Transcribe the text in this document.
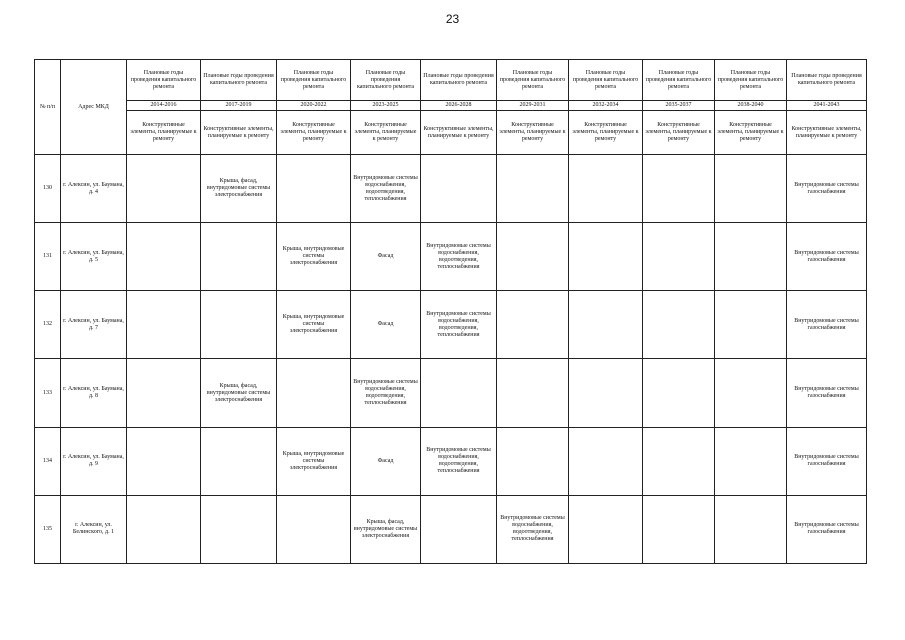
23
№ п/п	Адрес МКД	Плановые годы проведения капитального ремонта	Плановые годы проведения капитального ремонта	Плановые годы проведения капитального ремонта	Плановые годы проведения капитального ремонта	Плановые годы проведения капитального ремонта	Плановые годы проведения капитального ремонта	Плановые годы проведения капитального ремонта	Плановые годы проведения капитального ремонта	Плановые годы проведения капитального ремонта	Плановые годы проведения капитального ремонта
		2014-2016	2017-2019	2020-2022	2023-2025	2026-2028	2029-2031	2032-2034	2035-2037	2038-2040	2041-2043
		Конструктивные элементы, планируемые к ремонту	Конструктивные элементы, планируемые к ремонту	Конструктивные элементы, планируемые к ремонту	Конструктивные элементы, планируемые к ремонту	Конструктивные элементы, планируемые к ремонту	Конструктивные элементы, планируемые к ремонту	Конструктивные элементы, планируемые к ремонту	Конструктивные элементы, планируемые к ремонту	Конструктивные элементы, планируемые к ремонту	Конструктивные элементы, планируемые к ремонту
130	г. Алексин, ул. Баумана, д. 4		Крыша, фасад, внутридомовые системы электроснабжения		Внутридомовые системы водоснабжения, водоотведения, теплоснабжения						Внутридомовые системы газоснабжения
131	г. Алексин, ул. Баумана, д. 5			Крыша, внутридомовые системы электроснабжения	Фасад	Внутридомовые системы водоснабжения, водоотведения, теплоснабжения					Внутридомовые системы газоснабжения
132	г. Алексин, ул. Баумана, д. 7			Крыша, внутридомовые системы электроснабжения	Фасад	Внутридомовые системы водоснабжения, водоотведения, теплоснабжения					Внутридомовые системы газоснабжения
133	г. Алексин, ул. Баумана, д. 8		Крыша, фасад, внутридомовые системы электроснабжения		Внутридомовые системы водоснабжения, водоотведения, теплоснабжения						Внутридомовые системы газоснабжения
134	г. Алексин, ул. Баумана, д. 9			Крыша, внутридомовые системы электроснабжения	Фасад	Внутридомовые системы водоснабжения, водоотведения, теплоснабжения					Внутридомовые системы газоснабжения
135	г. Алексин, ул. Белинского, д. 1				Крыша, фасад, внутридомовые системы электроснабжения		Внутридомовые системы водоснабжения, водоотведения, теплоснабжения				Внутридомовые системы газоснабжения
